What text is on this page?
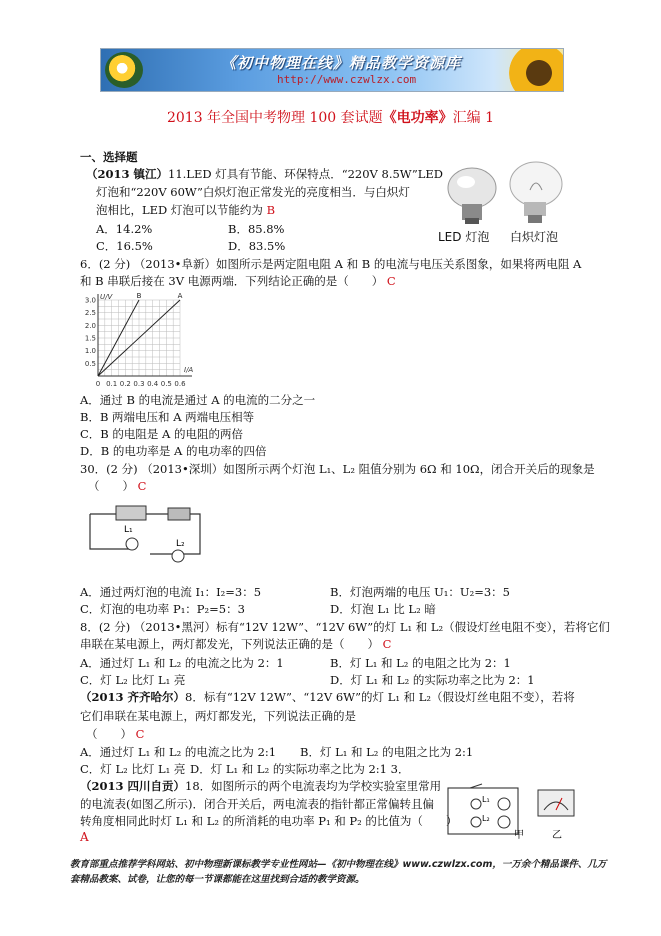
《初中物理在线》精品教学资源库
http://www.czwlzx.com
2013 年全国中考物理 100 套试题《电功率》汇编 1
一、选择题
（2013 镇江）11.LED 灯具有节能、环保特点．“220V 8.5W”LED
灯泡和“220V 60W”白炽灯泡正常发光的亮度相当．与白炽灯
泡相比，LED 灯泡可以节能约为 B
A．14.2%	B．85.8%
C．16.5%	D．83.5%
LED 灯泡 白炽灯泡
6．(2 分) （2013•阜新）如图所示是两定阻电阻 A 和 B 的电流与电压关系图象，如果将两电阻 A
和 B 串联后接在 3V 电源两端．下列结论正确的是（　　） C
0 0.1 0.2 0.3 0.4 0.5 0.6
0.5
1.0
1.5
2.0
2.5
3.0
I/A
U/V	B	A
A．通过 B 的电流是通过 A 的电流的二分之一
B．B 两端电压和 A 两端电压相等
C．B 的电阻是 A 的电阻的两倍
D．B 的电功率是 A 的电功率的四倍
30．(2 分) （2013•深圳）如图所示两个灯泡 L₁、L₂ 阻值分别为 6Ω 和 10Ω，闭合开关后的现象是
（　　） C
L₁
L₂
A．通过两灯泡的电流 I₁：I₂=3：5	B．灯泡两端的电压 U₁：U₂=3：5
C．灯泡的电功率 P₁：P₂=5：3	D．灯泡 L₁ 比 L₂ 暗
8．(2 分) （2013•黑河）标有“12V 12W”、“12V 6W”的灯 L₁ 和 L₂（假设灯丝电阻不变），若将它们
串联在某电源上，两灯都发光，下列说法正确的是（　　） C
A．通过灯 L₁ 和 L₂ 的电流之比为 2：1	B．灯 L₁ 和 L₂ 的电阻之比为 2：1
C．灯 L₂ 比灯 L₁ 亮	D．灯 L₁ 和 L₂ 的实际功率之比为 2：1
（2013 齐齐哈尔）8．标有“12V 12W”、“12V 6W”的灯 L₁ 和 L₂（假设灯丝电阻不变），若将
它们串联在某电源上，两灯都发光，下列说法正确的是
（　　） C
A．通过灯 L₁ 和 L₂ 的电流之比为 2:1 B．灯 L₁ 和 L₂ 的电阻之比为 2:1
C．灯 L₂ 比灯 L₁ 亮 D．灯 L₁ 和 L₂ 的实际功率之比为 2:1 3．
（2013 四川自贡）18．如图所示的两个电流表均为学校实验室里常用
的电流表(如图乙所示)．闭合开关后，两电流表的指针都正常偏转且偏
转角度相同此时灯 L₁ 和 L₂ 的所消耗的电功率 P₁ 和 P₂ 的比值为（　　）
A
L₁
L₂
甲	乙
教育部重点推荐学科网站、初中物理新课标教学专业性网站—《初中物理在线》www.czwlzx.com，一万余个精品课件、几万套精品教案、试卷，让您的每一节课都能在这里找到合适的教学资源。
